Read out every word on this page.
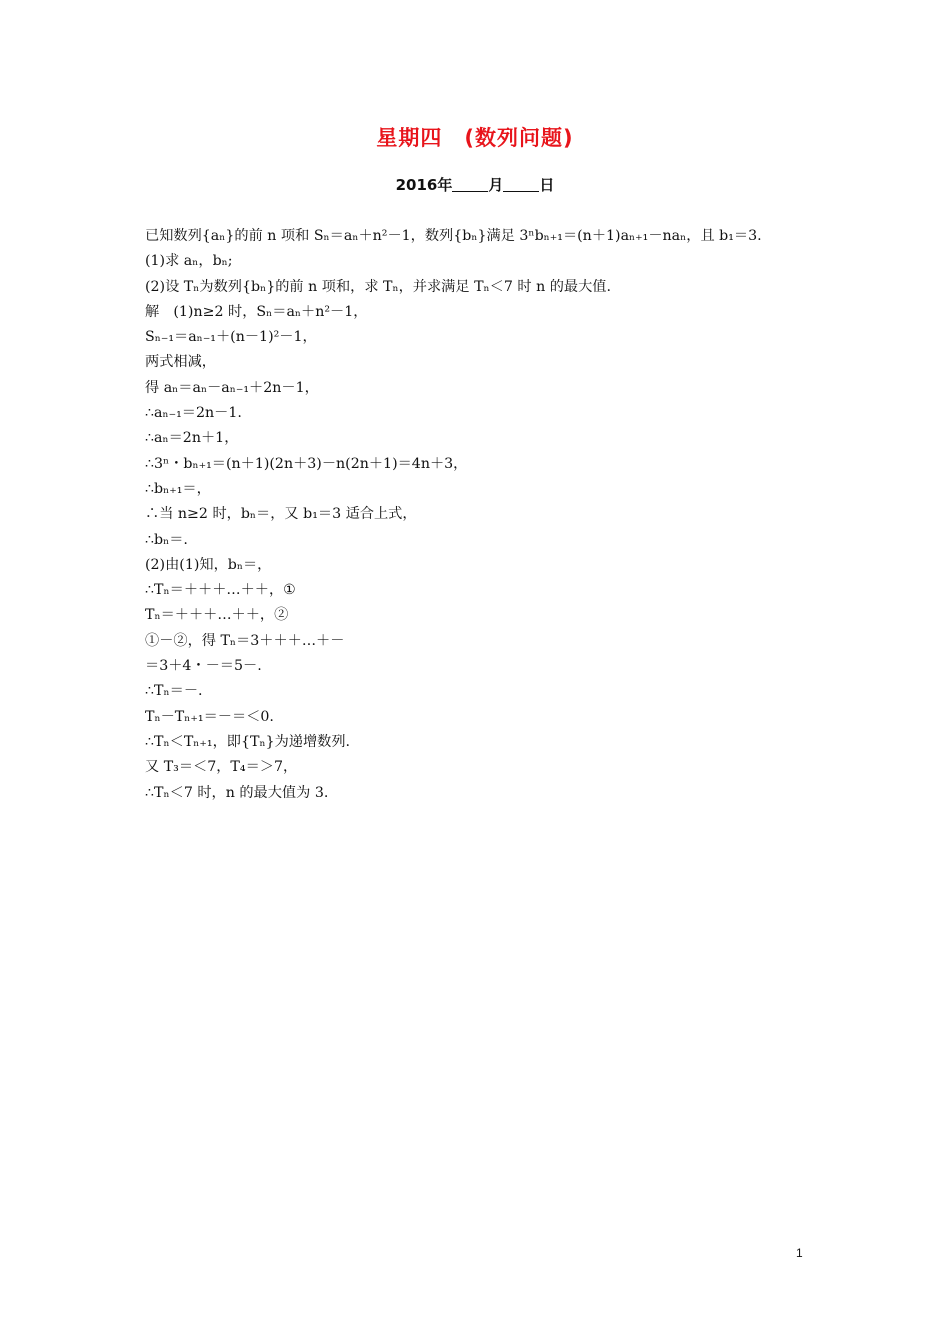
星期四　(数列问题)
2016年 月 日
已知数列{aₙ}的前 n 项和 Sₙ＝aₙ＋n²－1，数列{bₙ}满足 3ⁿbₙ₊₁＝(n＋1)aₙ₊₁－naₙ，且 b₁＝3.
(1)求 aₙ，bₙ;
(2)设 Tₙ为数列{bₙ}的前 n 项和，求 Tₙ，并求满足 Tₙ＜7 时 n 的最大值.
解　(1)n≥2 时，Sₙ＝aₙ＋n²－1，
Sₙ₋₁＝aₙ₋₁＋(n－1)²－1，
两式相减，
得 aₙ＝aₙ－aₙ₋₁＋2n－1，
∴aₙ₋₁＝2n－1.
∴aₙ＝2n＋1，
∴3ⁿ・bₙ₊₁＝(n＋1)(2n＋3)－n(2n＋1)＝4n＋3，
∴bₙ₊₁＝，
∴当 n≥2 时，bₙ＝，又 b₁＝3 适合上式，
∴bₙ＝.
(2)由(1)知，bₙ＝，
∴Tₙ＝＋＋＋…＋＋，①
Tₙ＝＋＋＋…＋＋，②
①－②，得 Tₙ＝3＋＋＋…＋－
＝3＋4・－＝5－.
∴Tₙ＝－.
Tₙ－Tₙ₊₁＝－＝＜0.
∴Tₙ＜Tₙ₊₁，即{Tₙ}为递增数列.
又 T₃＝＜7，T₄＝＞7，
∴Tₙ＜7 时，n 的最大值为 3.
1
